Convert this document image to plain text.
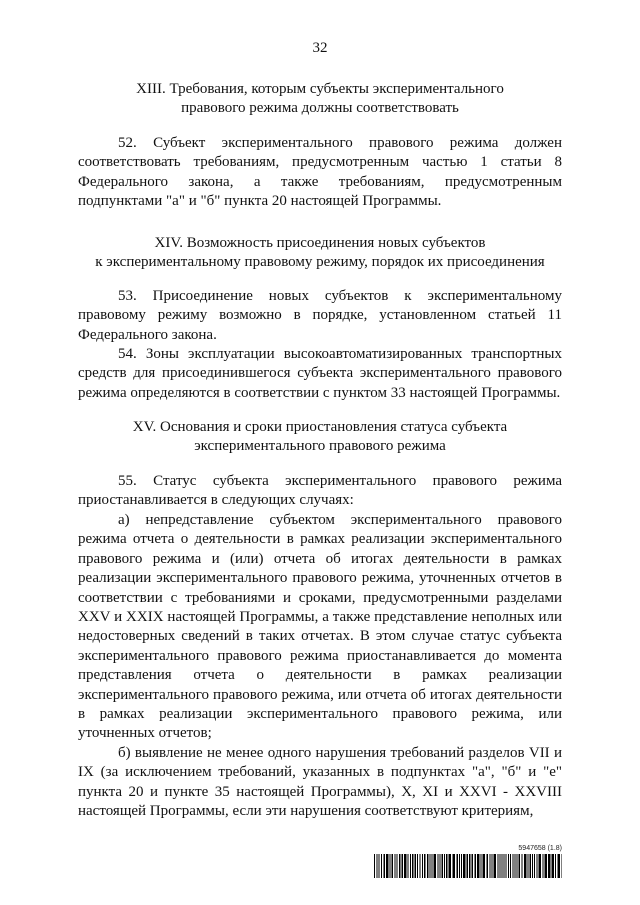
32
XIII. Требования, которым субъекты экспериментального
правового режима должны соответствовать
52. Субъект экспериментального правового режима должен соответствовать требованиям, предусмотренным частью 1 статьи 8 Федерального закона, а также требованиям, предусмотренным подпунктами "а" и "б" пункта 20 настоящей Программы.
XIV. Возможность присоединения новых субъектов
к экспериментальному правовому режиму, порядок их присоединения
53. Присоединение новых субъектов к экспериментальному правовому режиму возможно в порядке, установленном статьей 11 Федерального закона.
54. Зоны эксплуатации высокоавтоматизированных транспортных средств для присоединившегося субъекта экспериментального правового режима определяются в соответствии с пунктом 33 настоящей Программы.
XV. Основания и сроки приостановления статуса субъекта
экспериментального правового режима
55. Статус субъекта экспериментального правового режима приостанавливается в следующих случаях:
а) непредставление субъектом экспериментального правового режима отчета о деятельности в рамках реализации экспериментального правового режима и (или) отчета об итогах деятельности в рамках реализации экспериментального правового режима, уточненных отчетов в соответствии с требованиями и сроками, предусмотренными разделами XXV и XXIX настоящей Программы, а также представление неполных или недостоверных сведений в таких отчетах. В этом случае статус субъекта экспериментального правового режима приостанавливается до момента представления отчета о деятельности в рамках реализации экспериментального правового режима, или отчета об итогах деятельности в рамках реализации экспериментального правового режима, или уточненных отчетов;
б) выявление не менее одного нарушения требований разделов VII и IX (за исключением требований, указанных в подпунктах "а", "б" и "е" пункта 20 и пункте 35 настоящей Программы), X, XI и XXVI - XXVIII настоящей Программы, если эти нарушения соответствуют критериям,
5947658 (1.8)
